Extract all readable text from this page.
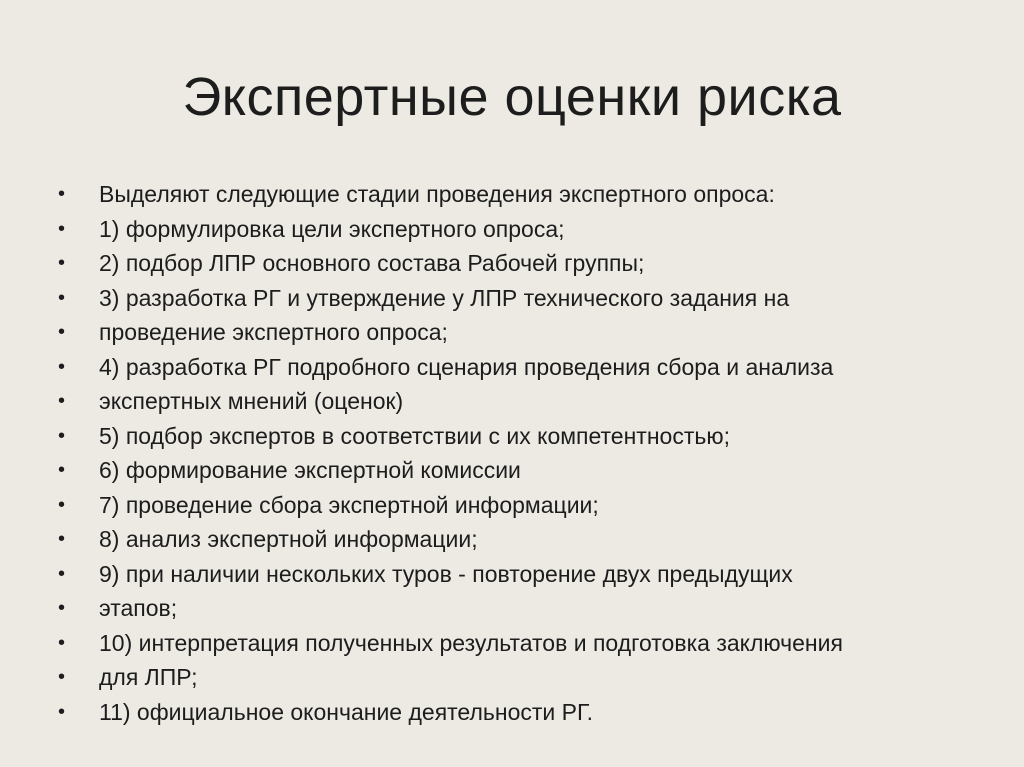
Экспертные оценки риска
•	Выделяют следующие стадии проведения экспертного опроса:
•	1) формулировка цели экспертного опроса;
•	2) подбор ЛПР основного состава Рабочей группы;
•	3) разработка РГ и утверждение у ЛПР технического задания на
•	проведение экспертного опроса;
•	4) разработка РГ подробного сценария проведения сбора и анализа
•	экспертных мнений (оценок)
•	5) подбор экспертов в соответствии с их компетентностью;
•	6) формирование экспертной комиссии
•	7) проведение сбора экспертной информации;
•	8) анализ экспертной информации;
•	9) при наличии нескольких туров - повторение двух предыдущих
•	этапов;
•	10) интерпретация полученных результатов и подготовка заключения
•	для ЛПР;
•	11) официальное окончание деятельности РГ.
